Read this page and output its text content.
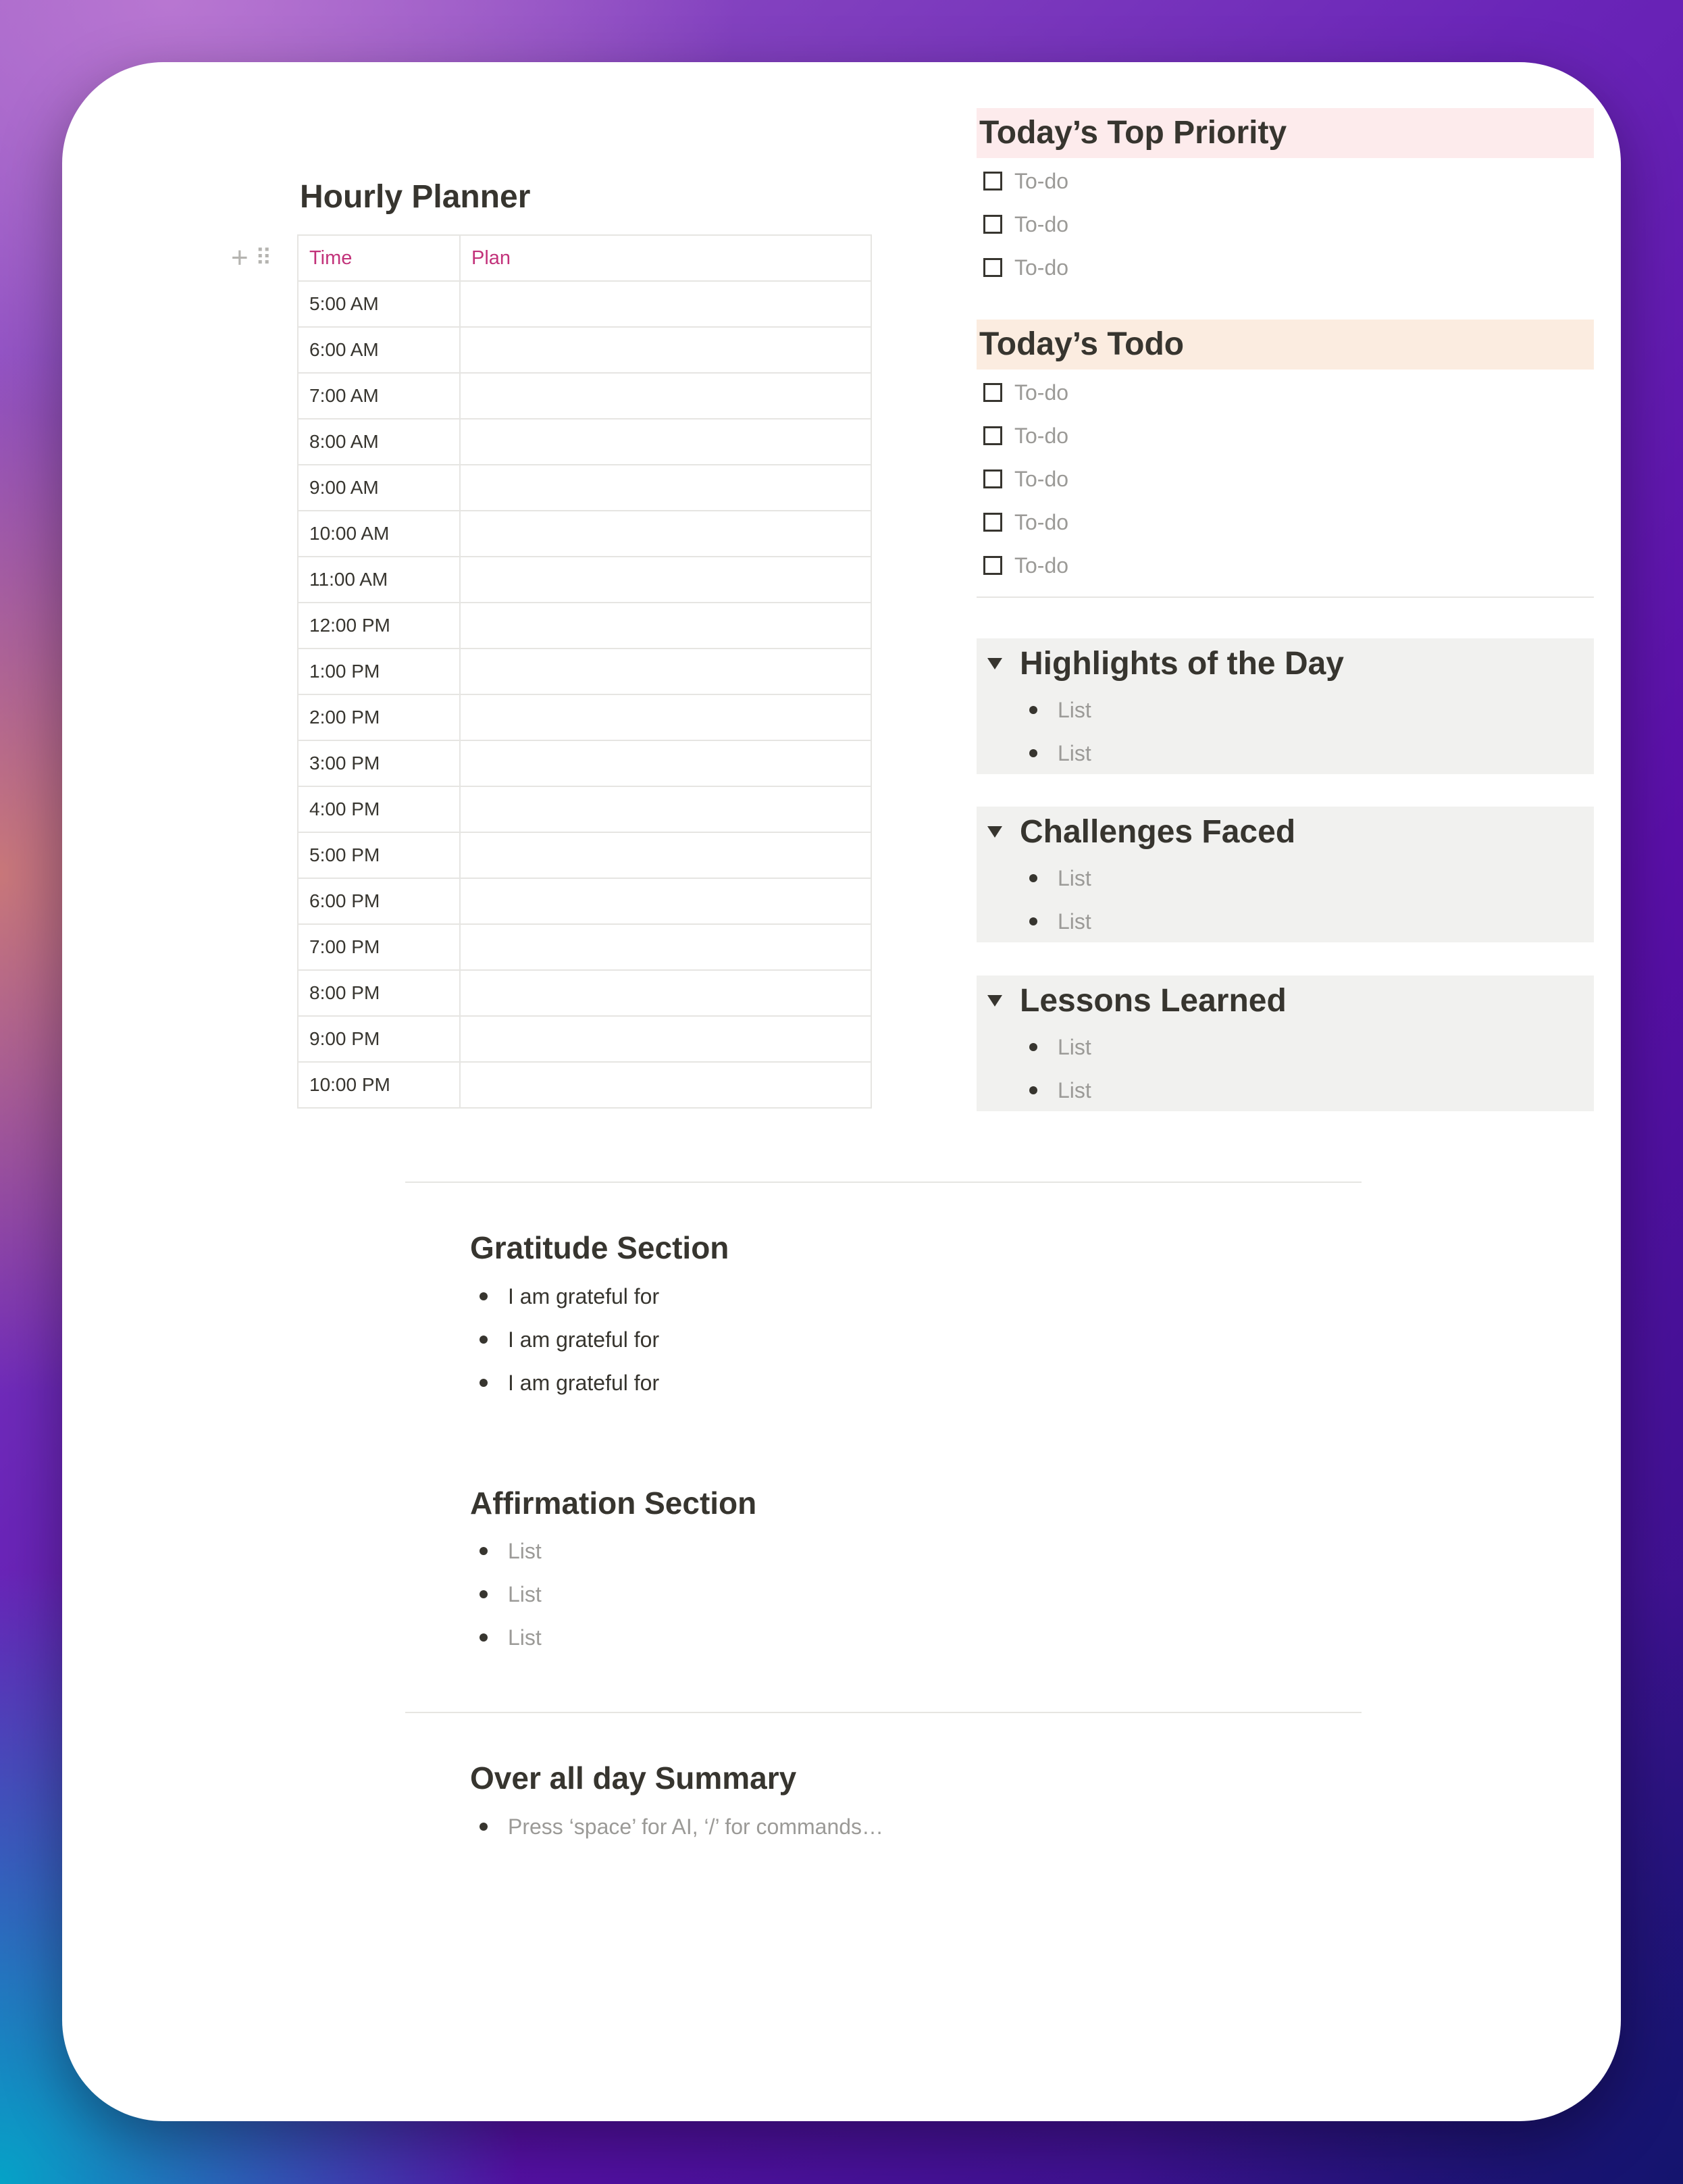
Hourly Planner
+ ⠿ Time	Plan
5:00 AM	
6:00 AM	
7:00 AM	
8:00 AM	
9:00 AM	
10:00 AM	
11:00 AM	
12:00 PM	
1:00 PM	
2:00 PM	
3:00 PM	
4:00 PM	
5:00 PM	
6:00 PM	
7:00 PM	
8:00 PM	
9:00 PM	
10:00 PM	
Today’s Top Priority
To-do
To-do
To-do
Today’s Todo
To-do
To-do
To-do
To-do
To-do
Highlights of the Day
List
List
Challenges Faced
List
List
Lessons Learned
List
List
Gratitude Section
I am grateful for
I am grateful for
I am grateful for
Affirmation Section
List
List
List
Over all day Summary
Press ‘space’ for AI, ‘/’ for commands…
